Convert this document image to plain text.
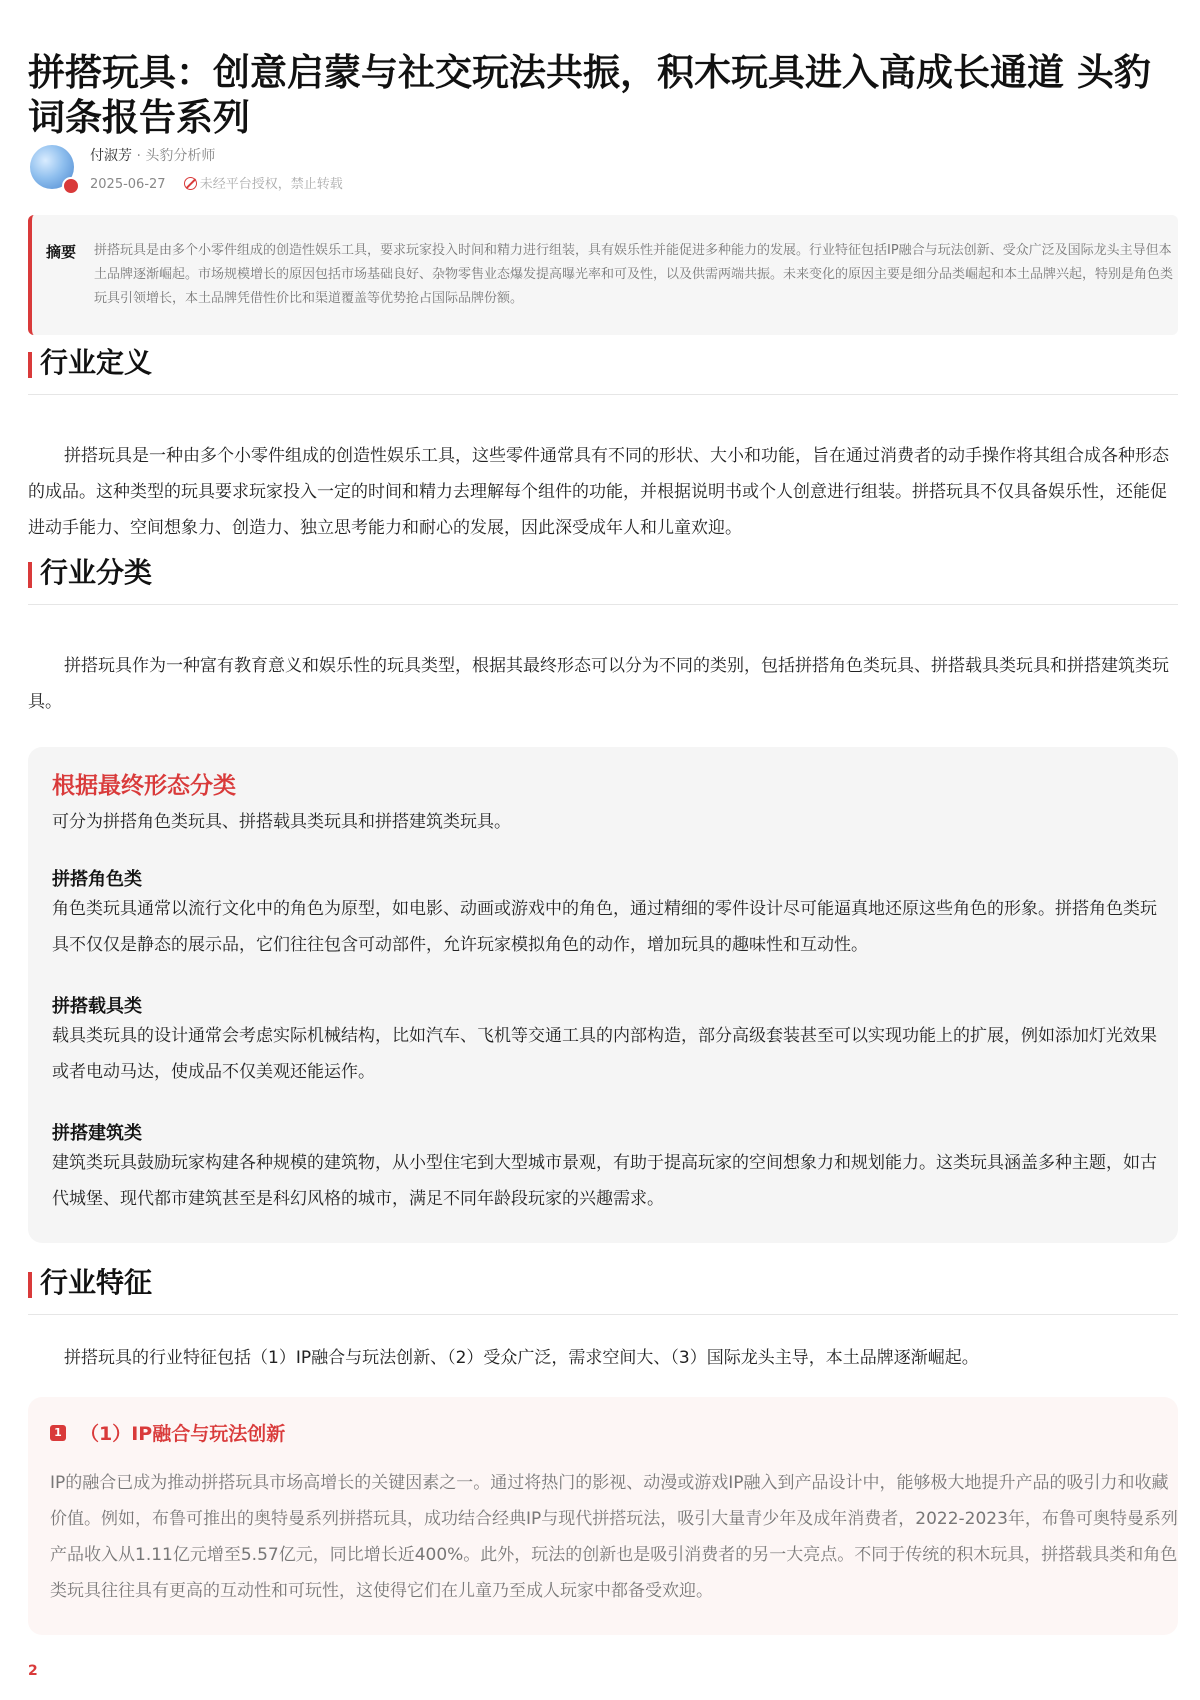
拼搭玩具：创意启蒙与社交玩法共振，积木玩具进入高成长通道 头豹词条报告系列
付淑芳 · 头豹分析师
2025-06-27	未经平台授权，禁止转载
摘要 拼搭玩具是由多个小零件组成的创造性娱乐工具，要求玩家投入时间和精力进行组装，具有娱乐性并能促进多种能力的发展。行业特征包括IP融合与玩法创新、受众广泛及国际龙头主导但本土品牌逐渐崛起。市场规模增长的原因包括市场基础良好、杂物零售业态爆发提高曝光率和可及性，以及供需两端共振。未来变化的原因主要是细分品类崛起和本土品牌兴起，特别是角色类玩具引领增长，本土品牌凭借性价比和渠道覆盖等优势抢占国际品牌份额。

行业定义

拼搭玩具是一种由多个小零件组成的创造性娱乐工具，这些零件通常具有不同的形状、大小和功能，旨在通过消费者的动手操作将其组合成各种形态的成品。这种类型的玩具要求玩家投入一定的时间和精力去理解每个组件的功能，并根据说明书或个人创意进行组装。拼搭玩具不仅具备娱乐性，还能促进动手能力、空间想象力、创造力、独立思考能力和耐心的发展，因此深受成年人和儿童欢迎。

行业分类

拼搭玩具作为一种富有教育意义和娱乐性的玩具类型，根据其最终形态可以分为不同的类别，包括拼搭角色类玩具、拼搭载具类玩具和拼搭建筑类玩具。

根据最终形态分类

可分为拼搭角色类玩具、拼搭载具类玩具和拼搭建筑类玩具。

拼搭角色类

角色类玩具通常以流行文化中的角色为原型，如电影、动画或游戏中的角色，通过精细的零件设计尽可能逼真地还原这些角色的形象。拼搭角色类玩具不仅仅是静态的展示品，它们往往包含可动部件，允许玩家模拟角色的动作，增加玩具的趣味性和互动性。

拼搭载具类

载具类玩具的设计通常会考虑实际机械结构，比如汽车、飞机等交通工具的内部构造，部分高级套装甚至可以实现功能上的扩展，例如添加灯光效果或者电动马达，使成品不仅美观还能运作。

拼搭建筑类

建筑类玩具鼓励玩家构建各种规模的建筑物，从小型住宅到大型城市景观，有助于提高玩家的空间想象力和规划能力。这类玩具涵盖多种主题，如古代城堡、现代都市建筑甚至是科幻风格的城市，满足不同年龄段玩家的兴趣需求。

行业特征

拼搭玩具的行业特征包括（1）IP融合与玩法创新、（2）受众广泛，需求空间大、（3）国际龙头主导，本土品牌逐渐崛起。

1 （1）IP融合与玩法创新

IP的融合已成为推动拼搭玩具市场高增长的关键因素之一。通过将热门的影视、动漫或游戏IP融入到产品设计中，能够极大地提升产品的吸引力和收藏价值。例如，布鲁可推出的奥特曼系列拼搭玩具，成功结合经典IP与现代拼搭玩法，吸引大量青少年及成年消费者，2022-2023年，布鲁可奥特曼系列产品收入从1.11亿元增至5.57亿元，同比增长近400%。此外，玩法的创新也是吸引消费者的另一大亮点。不同于传统的积木玩具，拼搭载具类和角色类玩具往往具有更高的互动性和可玩性，这使得它们在儿童乃至成人玩家中都备受欢迎。

2
